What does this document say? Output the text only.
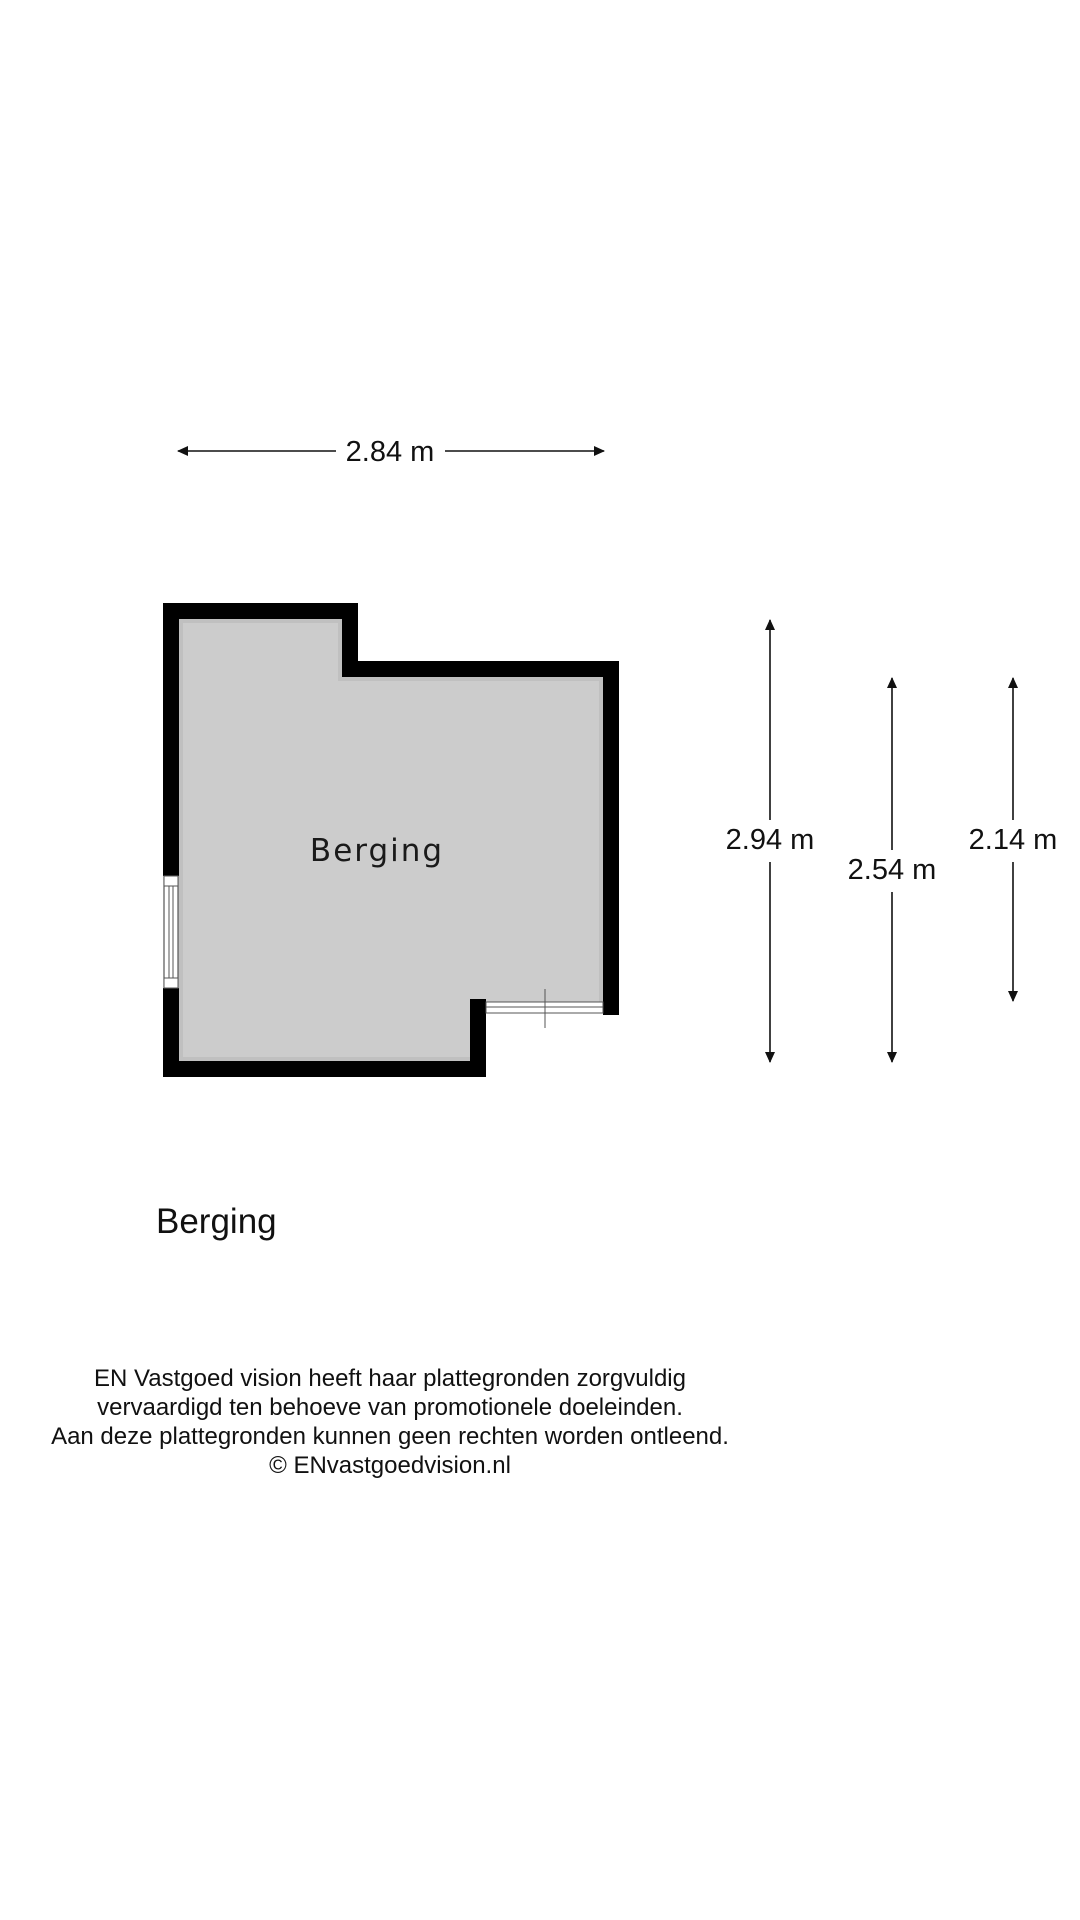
2.84 m
Berging	2.94 m
2.54 m
2.14 m
Berging
EN Vastgoed vision heeft haar plattegronden zorgvuldig
vervaardigd ten behoeve van promotionele doeleinden.
Aan deze plattegronden kunnen geen rechten worden ontleend.
© ENvastgoedvision.nl
